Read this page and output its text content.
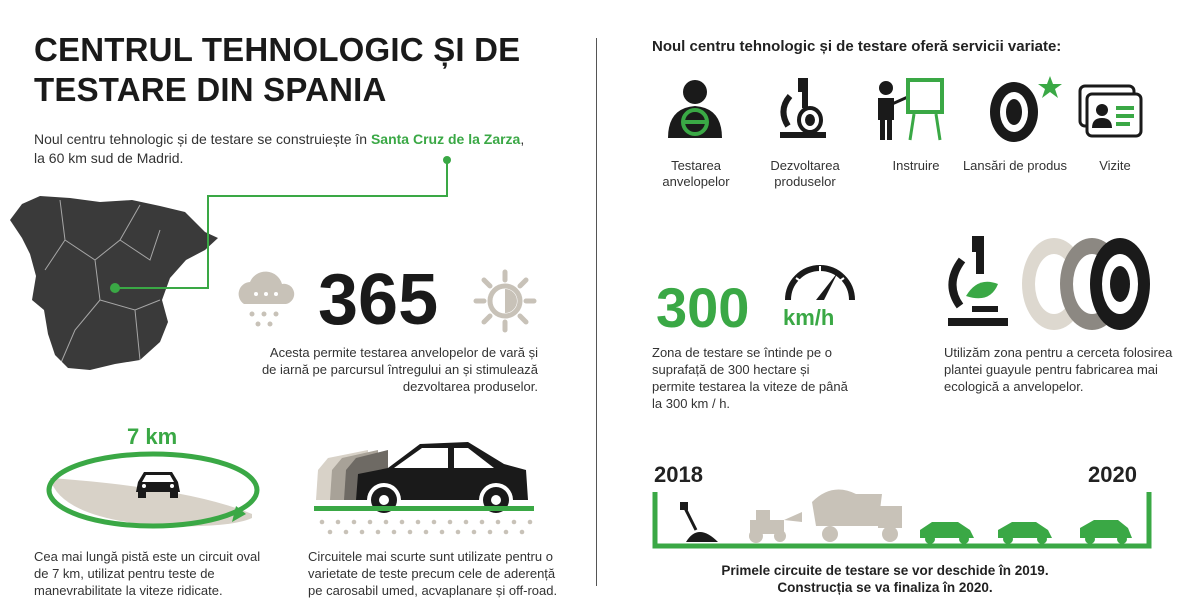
CENTRUL TEHNOLOGIC ȘI DE TESTARE DIN SPANIA
Noul centru tehnologic și de testare se construiește în Santa Cruz de la Zarza,
la 60 km sud de Madrid.
365
Acesta permite testarea anvelopelor de vară și de iarnă pe parcursul întregului an și stimulează dezvoltarea produselor.
7 km
Cea mai lungă pistă este un circuit oval de 7 km, utilizat pentru teste de manevrabilitate la viteze ridicate.
Circuitele mai scurte sunt utilizate pentru o varietate de teste precum cele de aderență pe carosabil umed, acvaplanare și off-road.
Noul centru tehnologic și de testare oferă servicii variate:
Testarea anvelopelor
Dezvoltarea produselor
Instruire	Lansări de produs	Vizite
300 km/h
Zona de testare se întinde pe o suprafață de 300 hectare și permite testarea la viteze de până la 300 km / h.
Utilizăm zona pentru a cerceta folosirea plantei guayule pentru fabricarea mai ecologică a anvelopelor.
2018	2020
Primele circuite de testare se vor deschide în 2019.
Construcția se va finaliza în 2020.
